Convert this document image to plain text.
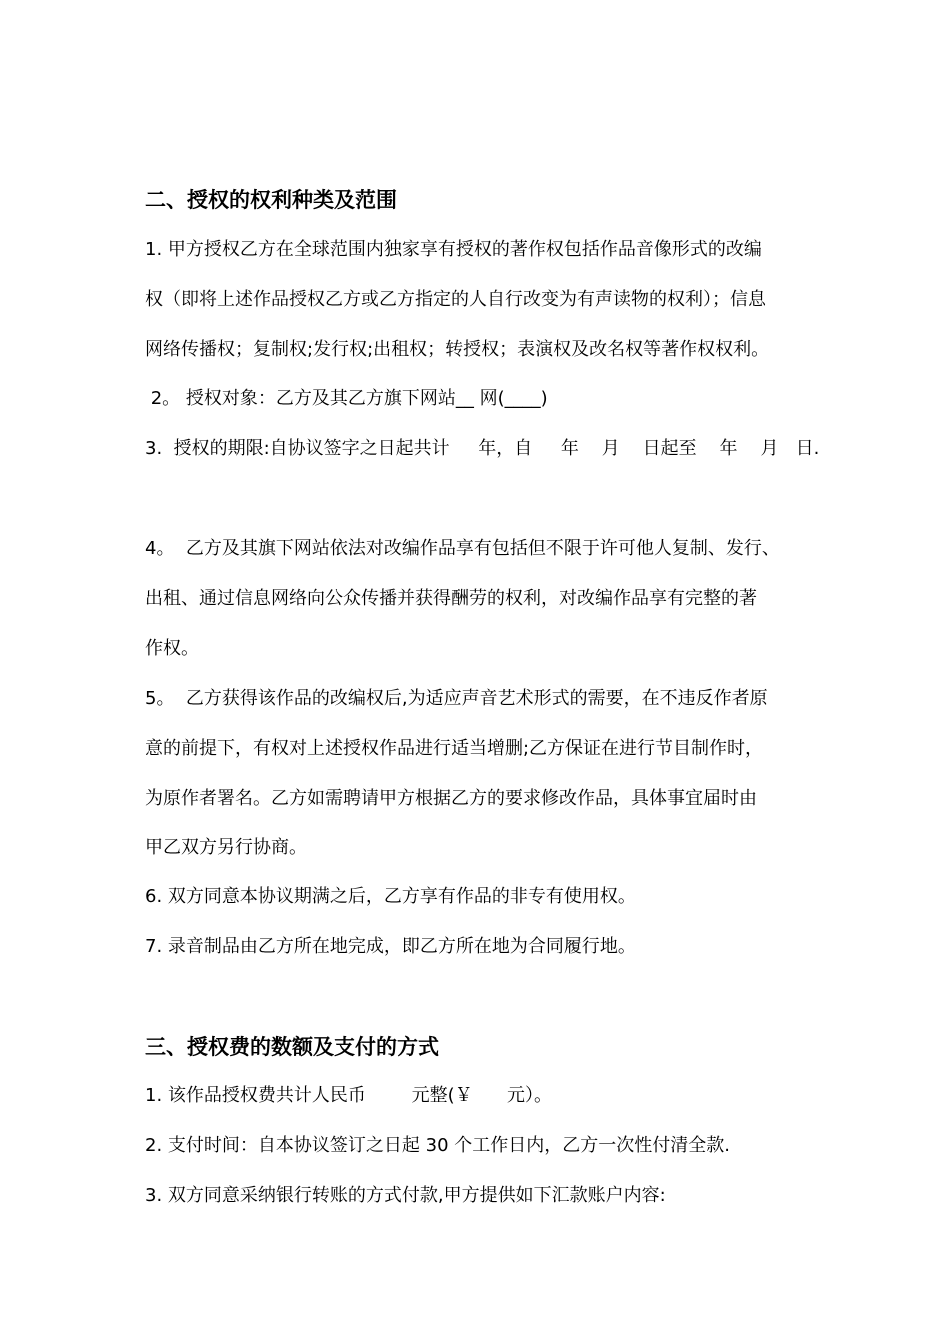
二、授权的权利种类及范围
1. 甲方授权乙方在全球范围内独家享有授权的著作权包括作品音像形式的改编
权（即将上述作品授权乙方或乙方指定的人自行改变为有声读物的权利）；信息
网络传播权；复制权;发行权;出租权；转授权；表演权及改名权等著作权权利。
2。 授权对象：乙方及其乙方旗下网站__ 网(____)
3.  授权的期限:自协议签字之日起共计     年，自     年    月    日起至    年    月   日.
4。  乙方及其旗下网站依法对改编作品享有包括但不限于许可他人复制、发行、
出租、通过信息网络向公众传播并获得酬劳的权利，对改编作品享有完整的著
作权。
5。  乙方获得该作品的改编权后,为适应声音艺术形式的需要，在不违反作者原
意的前提下，有权对上述授权作品进行适当增删;乙方保证在进行节目制作时，
为原作者署名。乙方如需聘请甲方根据乙方的要求修改作品，具体事宜届时由
甲乙双方另行协商。
6. 双方同意本协议期满之后，乙方享有作品的非专有使用权。
7. 录音制品由乙方所在地完成，即乙方所在地为合同履行地。
三、授权费的数额及支付的方式
1. 该作品授权费共计人民币        元整(￥      元）。
2. 支付时间：自本协议签订之日起 30 个工作日内，乙方一次性付清全款.
3. 双方同意采纳银行转账的方式付款,甲方提供如下汇款账户内容:
